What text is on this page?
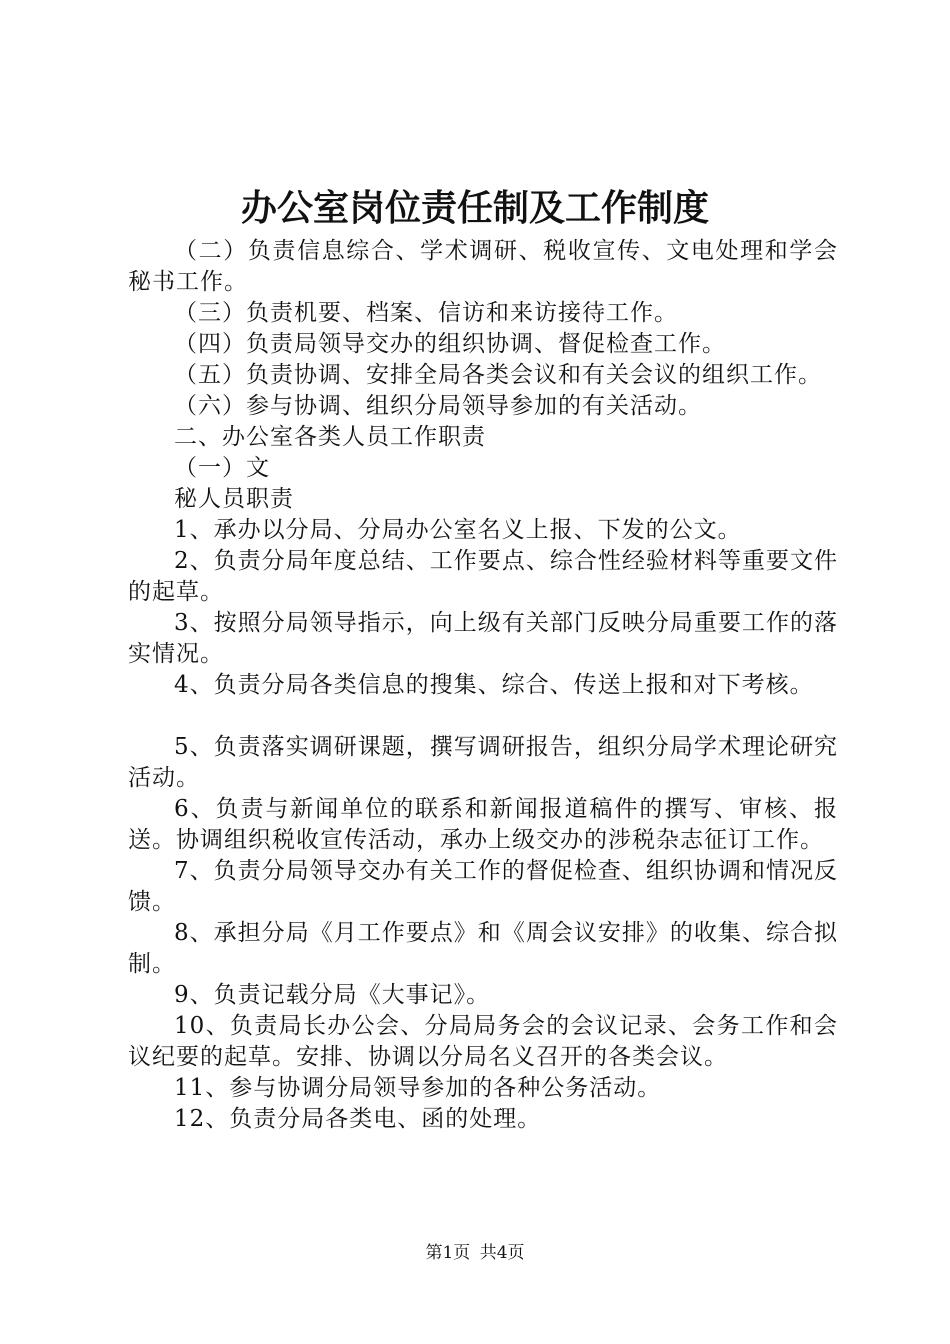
办公室岗位责任制及工作制度

（二）负责信息综合、学术调研、税收宣传、文电处理和学会秘书工作。

（三）负责机要、档案、信访和来访接待工作。

（四）负责局领导交办的组织协调、督促检查工作。

（五）负责协调、安排全局各类会议和有关会议的组织工作。

（六）参与协调、组织分局领导参加的有关活动。

二、办公室各类人员工作职责

（一）文

秘人员职责

1、承办以分局、分局办公室名义上报、下发的公文。

2、负责分局年度总结、工作要点、综合性经验材料等重要文件的起草。

3、按照分局领导指示，向上级有关部门反映分局重要工作的落实情况。

4、负责分局各类信息的搜集、综合、传送上报和对下考核。

5、负责落实调研课题，撰写调研报告，组织分局学术理论研究活动。

6、负责与新闻单位的联系和新闻报道稿件的撰写、审核、报送。协调组织税收宣传活动，承办上级交办的涉税杂志征订工作。

7、负责分局领导交办有关工作的督促检查、组织协调和情况反馈。

8、承担分局《月工作要点》和《周会议安排》的收集、综合拟制。

9、负责记载分局《大事记》。

10、负责局长办公会、分局局务会的会议记录、会务工作和会议纪要的起草。安排、协调以分局名义召开的各类会议。

11、参与协调分局领导参加的各种公务活动。

12、负责分局各类电、函的处理。

第1页 共4页
